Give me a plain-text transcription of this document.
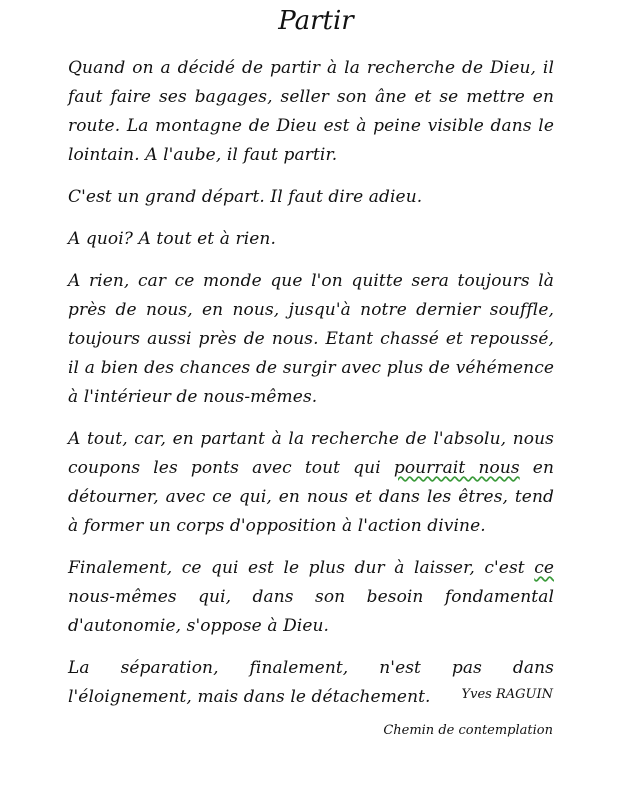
Partir

Quand on a décidé de partir à la recherche de Dieu, il faut faire ses bagages, seller son âne et se mettre en route. La montagne de Dieu est à peine visible dans le lointain. A l'aube, il faut partir.

C'est un grand départ. Il faut dire adieu.

A quoi? A tout et à rien.

A rien, car ce monde que l'on quitte sera toujours là près de nous, en nous, jusqu'à notre dernier souffle, toujours aussi près de nous. Etant chassé et repoussé, il a bien des chances de surgir avec plus de véhémence à l'intérieur de nous-mêmes.

A tout, car, en partant à la recherche de l'absolu, nous coupons les ponts avec tout qui pourrait nous en détourner, avec ce qui, en nous et dans les êtres, tend à former un corps d'opposition à l'action divine.

Finalement, ce qui est le plus dur à laisser, c'est ce nous-mêmes qui, dans son besoin fondamental d'autonomie, s'oppose à Dieu.

La séparation, finalement, n'est pas dans l'éloignement, mais dans le détachement.	Yves RAGUIN

Chemin de contemplation
